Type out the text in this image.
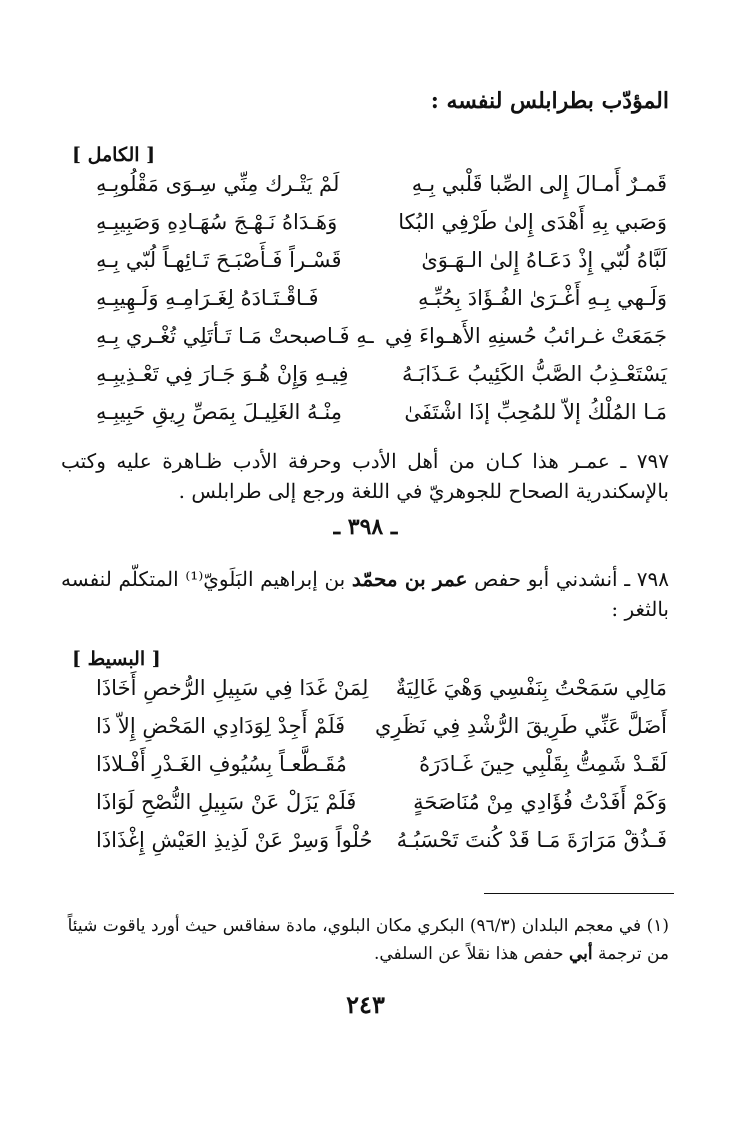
المؤدّب بطرابلس لنفسه :
[ الكامل ]
قَمـرٌ أَمـالَ إِلى الصِّبا قَلْبي بِـهِ
لَمْ يَتْـرك مِنِّي سِـوَى مَقْلُوبِـهِ
وَصَبي بِهِ أَهْدَى إِلىٰ طَرْفِي البُكا
وَهَـدَاهُ نَـهْـجَ سُهَـادِهِ وَصَبِيبِـهِ
لَبَّاهُ لُبّي إِذْ دَعَـاهُ إِلىٰ الـهَـوَىٰ
قَسْـراً فَـأَصْبَـحَ تَـائِهـاً لُبّي بِـهِ
وَلَـهي بِـهِ أَغْـرَىٰ الفُـؤَادَ بِحُبِّـهِ
فَـاقْـتَـادَهُ لِغَـرَامِـهِ وَلَـهِيبِـهِ
جَمَعَتْ غـرائبُ حُسنِهِ الأَهـواءَ فِي
ـهِ فَـاصبحتْ مَـا تَـأتَلِي تُغْـري بِـهِ
يَسْتَعْـذِبُ الصَّبُّ الكَئِيبُ عَـذَابَـهُ
فِيـهِ وَإِنْ هُـوَ جَـارَ فِي تَعْـذِيبِـهِ
مَـا المُلْكُ إلاّ للمُحِبِّ إذَا اشْتَفَىٰ
مِنْـهُ الغَلِيـلَ بِمَصِّ رِيقِ حَبِيبِـهِ
٧٩٧ ـ عمـر هذا كـان من أهل الأدب وحرفة الأدب ظـاهرة عليه وكتب بالإسكندرية الصحاح للجوهريّ في اللغة ورجع إلى طرابلس .
ـ ٣٩٨ ـ
٧٩٨ ـ أنشدني أبو حفص عمر بن محمّد بن إبراهيم البَلَويّ⁽¹⁾ المتكلّم لنفسه بالثغر :
[ البسيط ]
مَالِي سَمَحْتُ بِنَفْسِي وَهْيَ غَالِيَةٌ
لِمَنْ غَدَا فِي سَبِيلِ الرُّخصِ أَخَاذَا
أَضَلَّ عَنِّي طَرِيقَ الرُّشْدِ فِي نَظَرِي
فَلَمْ أَجِدْ لِوَدَادِي المَحْضِ إِلاّ ذَا
لَقَـدْ شَمِتُّ بِقَلْبِي حِينَ غَـادَرَهُ
مُقَـطَّعـاً بِسُيُوفِ الغَـدْرِ أَفْـلاذَا
وَكَمْ أَفَدْتُ فُؤَادِي مِنْ مُنَاصَحَةٍ
فَلَمْ يَزَلْ عَنْ سَبِيلِ النُّصْحِ لَوَاذَا
فَـذُقْ مَرَارَةَ مَـا قَدْ كُنتَ تَحْسَبُـهُ
حُلْواً وَسِرْ عَنْ لَذِيذِ العَيْشِ إِغْذَاذَا
(١) في معجم البلدان (٩٦/٣) البكري مكان البلوي، مادة سفاقس حيث أورد ياقوت شيئاً من ترجمة أبي حفص هذا نقلاً عن السلفي.
٢٤٣
